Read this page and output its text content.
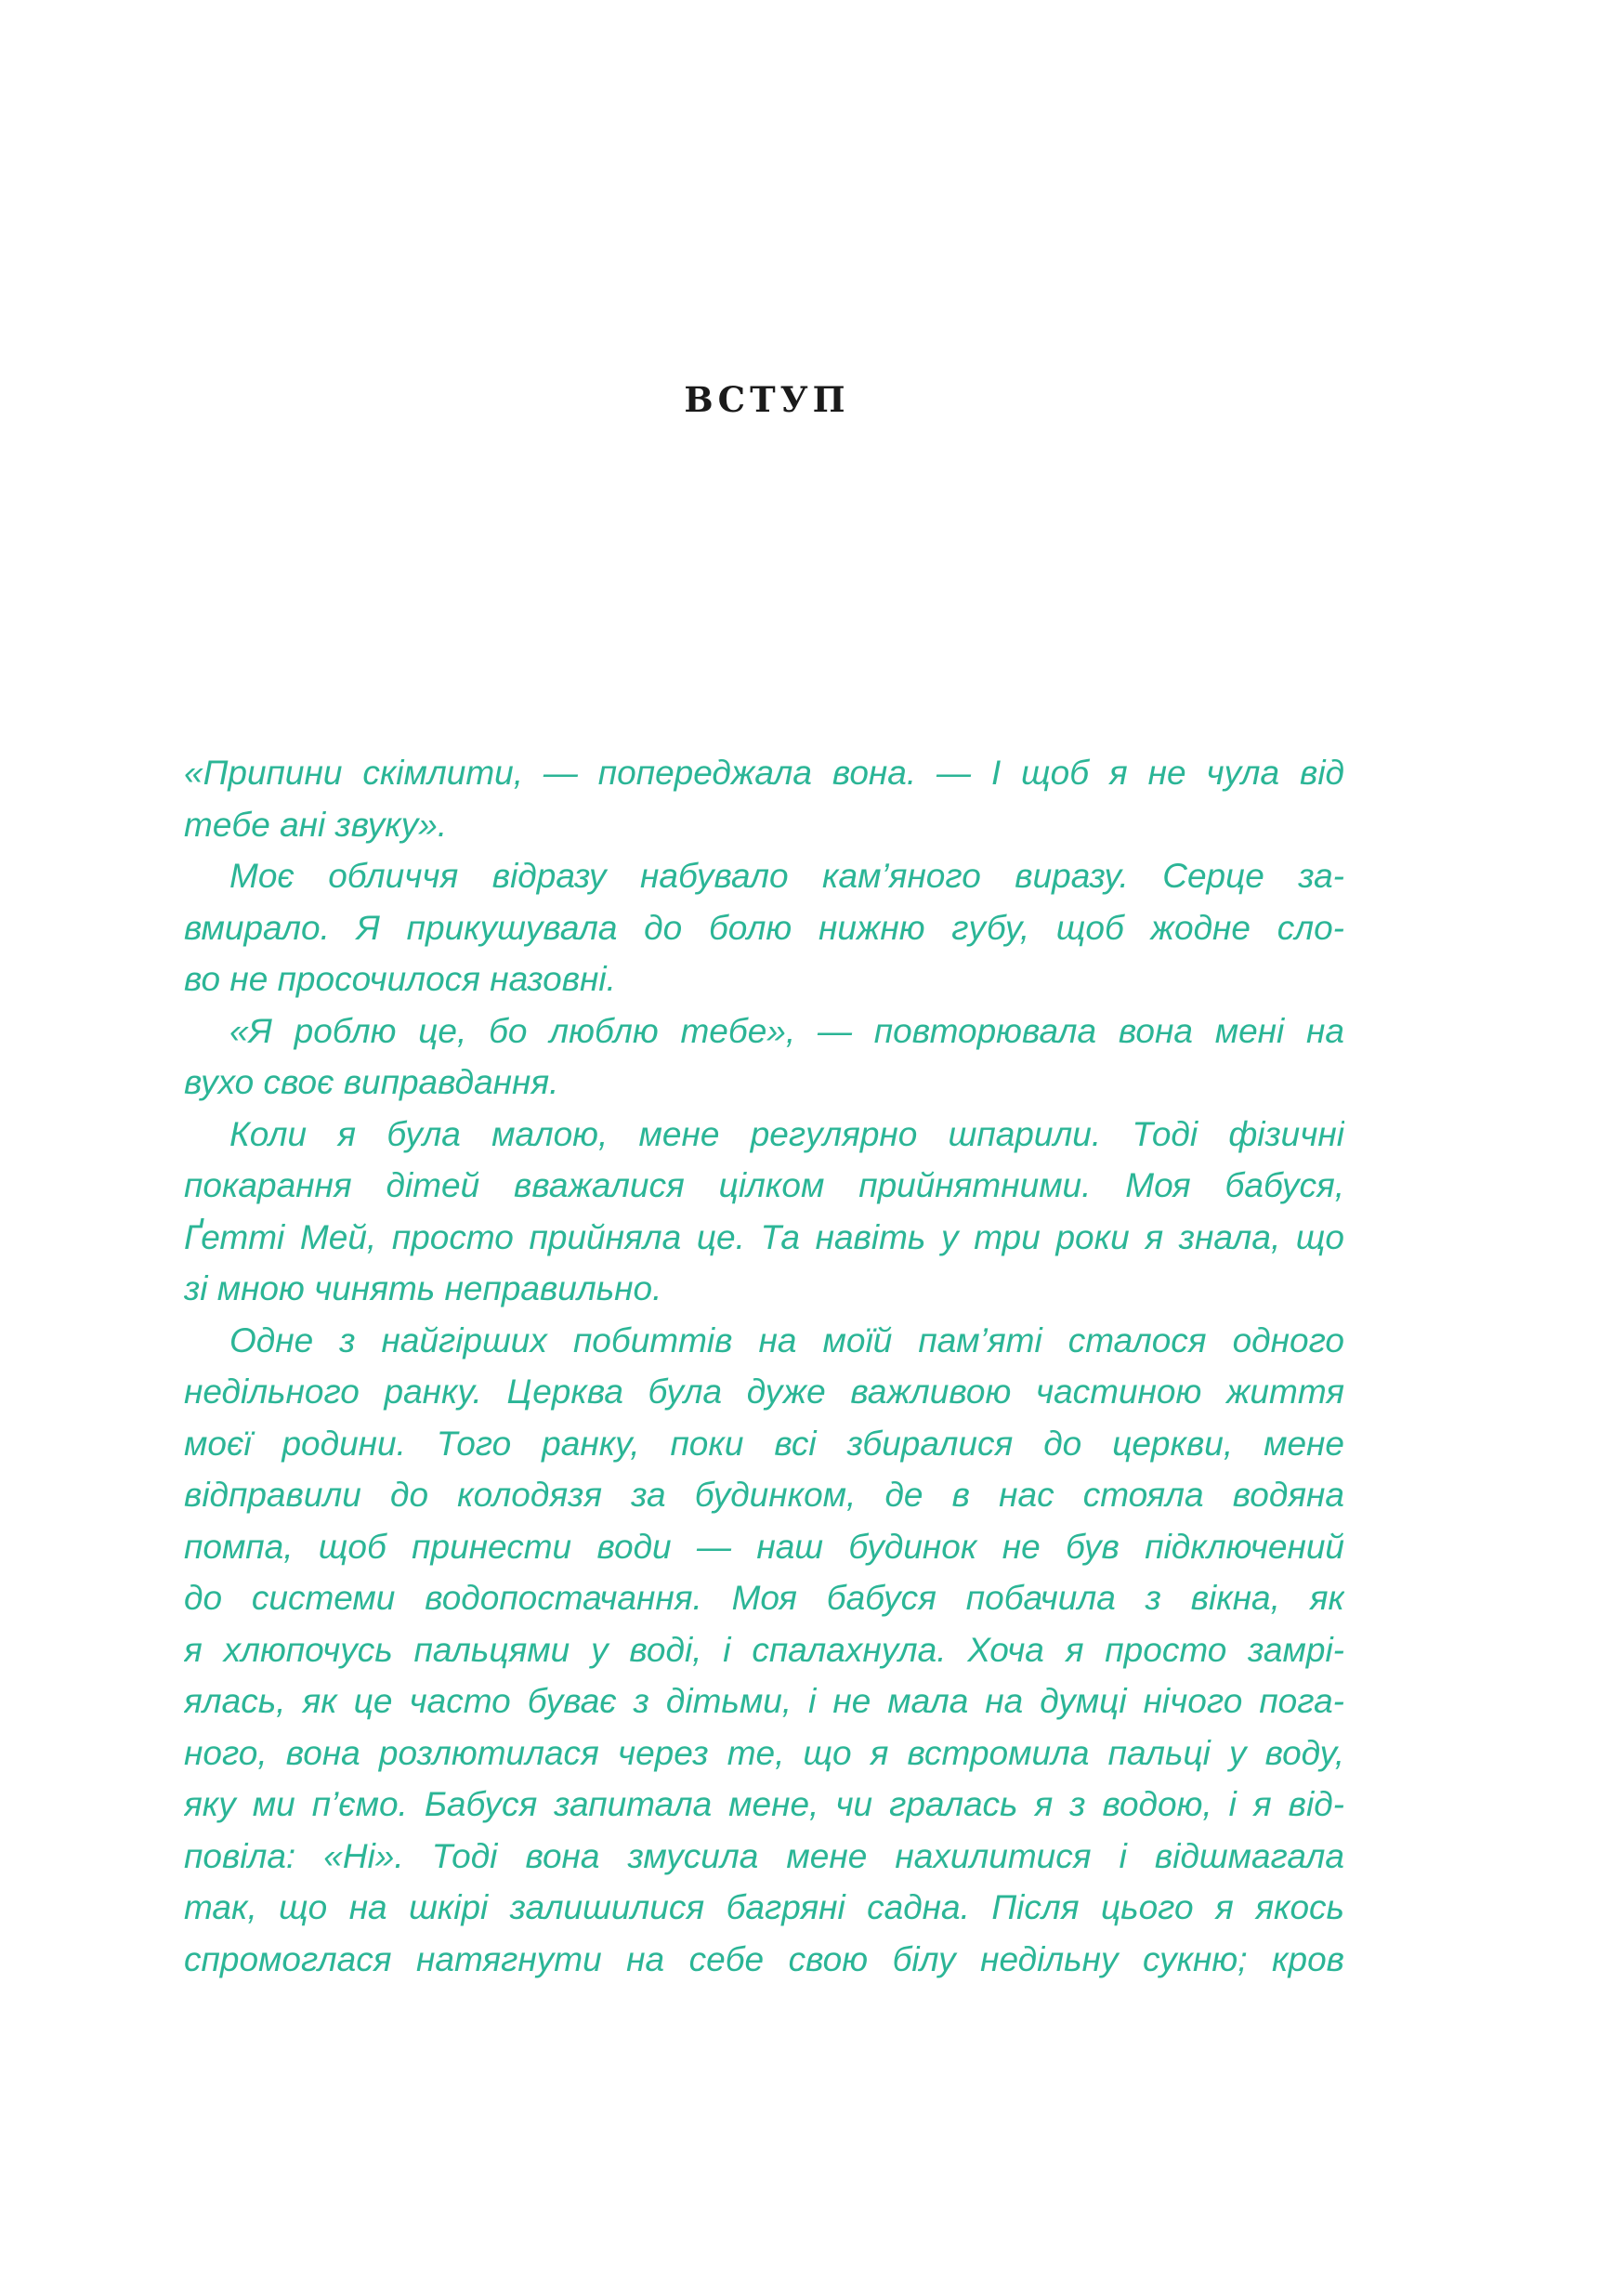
ВСТУП
«Припини скімлити, — попереджала вона. — І щоб я не чула від
тебе ані звуку».
Моє обличчя відразу набувало кам’яного виразу. Серце за-
вмирало. Я прикушувала до болю нижню губу, щоб жодне сло-
во не просочилося назовні.
«Я роблю це, бо люблю тебе», — повторювала вона мені на
вухо своє виправдання.
Коли я була малою, мене регулярно шпарили. Тоді фізичні
покарання дітей вважалися цілком прийнятними. Моя бабуся,
Ґетті Мей, просто прийняла це. Та навіть у три роки я знала, що
зі мною чинять неправильно.
Одне з найгірших побиттів на моїй пам’яті сталося одного
недільного ранку. Церква була дуже важливою частиною життя
моєї родини. Того ранку, поки всі збиралися до церкви, мене
відправили до колодязя за будинком, де в нас стояла водяна
помпа, щоб принести води — наш будинок не був підключений
до системи водопостачання. Моя бабуся побачила з вікна, як
я хлюпочусь пальцями у воді, і спалахнула. Хоча я просто замрі-
ялась, як це часто буває з дітьми, і не мала на думці нічого пога-
ного, вона розлютилася через те, що я встромила пальці у воду,
яку ми п’ємо. Бабуся запитала мене, чи гралась я з водою, і я від-
повіла: «Ні». Тоді вона змусила мене нахилитися і відшмагала
так, що на шкірі залишилися багряні садна. Після цього я якось
спромоглася натягнути на себе свою білу недільну сукню; кров
